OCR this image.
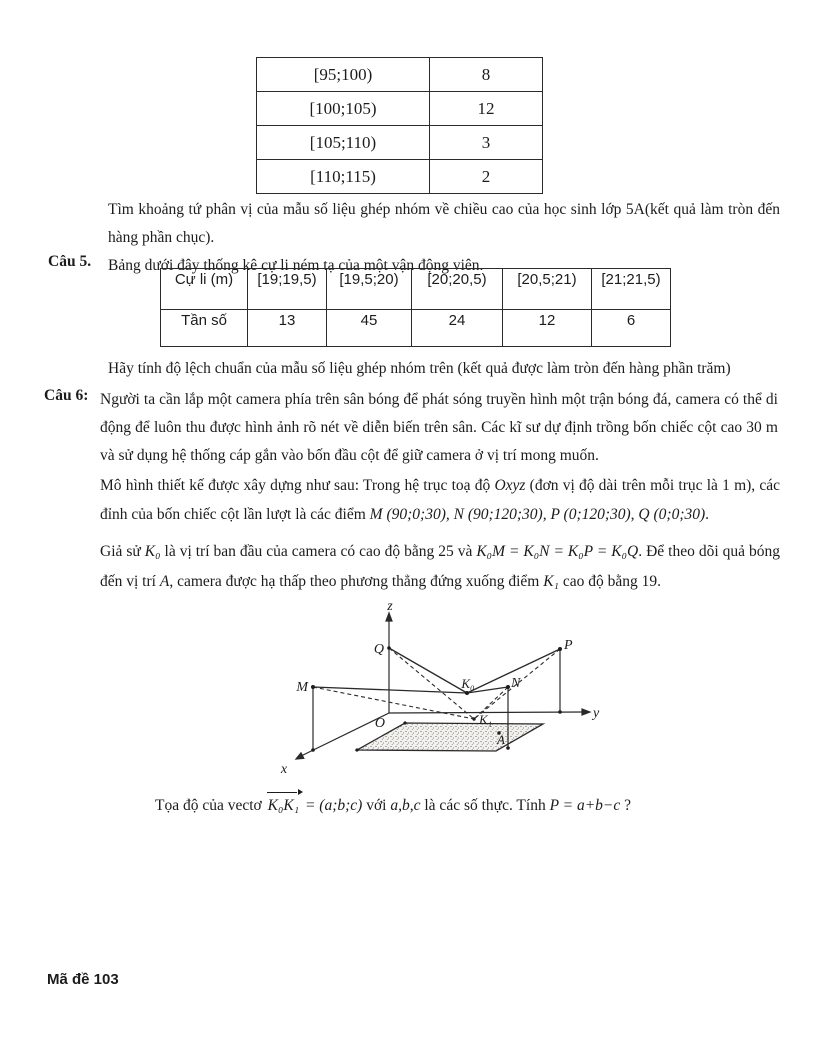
[95;100)	8
[100;105)	12
[105;110)	3
[110;115)	2
Tìm khoảng tứ phân vị của mẫu số liệu ghép nhóm về chiều cao của học sinh lớp 5A(kết quả làm tròn đến hàng phần chục).
Câu 5. Bảng dưới đây thống kê cự li ném tạ của một vận động viên.
Cự li (m)	[19;19,5)	[19,5;20)	[20;20,5)	[20,5;21)	[21;21,5)
Tần số	13	45	24	12	6
Hãy tính độ lệch chuẩn của mẫu số liệu ghép nhóm trên (kết quả được làm tròn đến hàng phần trăm)
Câu 6: Người ta cần lắp một camera phía trên sân bóng để phát sóng truyền hình một trận bóng đá, camera có thể di động để luôn thu được hình ảnh rõ nét về diễn biến trên sân. Các kĩ sư dự định trồng bốn chiếc cột cao 30 m và sử dụng hệ thống cáp gắn vào bốn đầu cột để giữ camera ở vị trí mong muốn.
Mô hình thiết kế được xây dựng như sau: Trong hệ trục toạ độ Oxyz (đơn vị độ dài trên mỗi trục là 1 m), các đỉnh của bốn chiếc cột lần lượt là các điểm M (90;0;30), N (90;120;30), P (0;120;30), Q (0;0;30).
Giả sử K₀ là vị trí ban đầu của camera có cao độ bằng 25 và K₀M = K₀N = K₀P = K₀Q. Để theo dõi quả bóng đến vị trí A, camera được hạ thấp theo phương thẳng đứng xuống điểm K₁ cao độ bằng 19.
z
y
x
O
M
Q	P
N
K₀
K₁
A
Tọa độ của vectơ K₀K₁ = (a;b;c) với a,b,c là các số thực. Tính P = a+b−c ?
Mã đề 103
